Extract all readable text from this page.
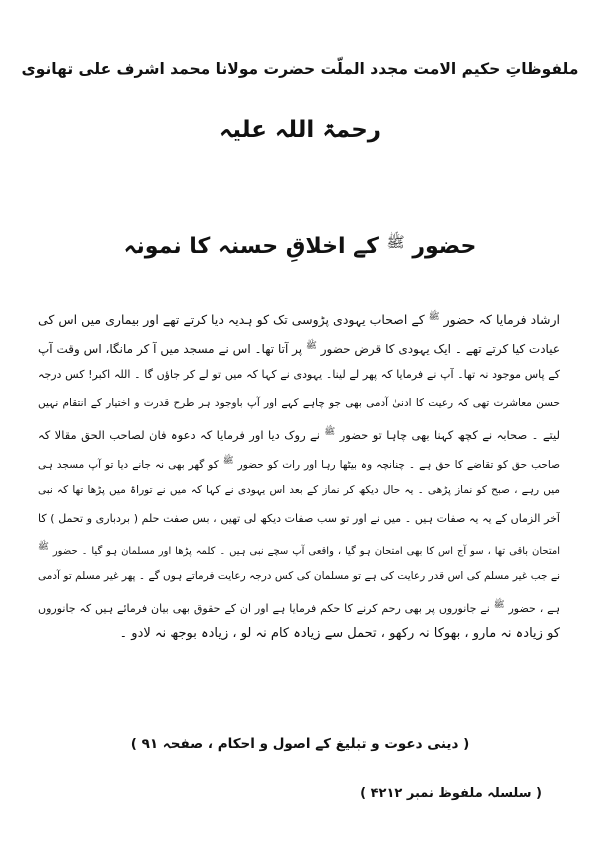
ملفوظاتِ حکیم الامت مجدد الملّت حضرت مولانا محمد اشرف علی تھانوی
رحمۃ اللہ علیہ
حضور ﷺ کے اخلاقِ حسنہ کا نمونہ
ارشاد فرمایا کہ حضور $^ﷺ$ کے اصحاب یہودی پڑوسی تک کو ہدیہ دیا کرتے تھے اور بیماری میں اس کی
عیادت کیا کرتے تھے ۔ ایک یہودی کا قرض حضور $^ﷺ$ پر آتا تھا۔ اس نے مسجد میں آ کر مانگا، اس وقت آپ
کے پاس موجود نہ تھا۔ آپ نے فرمایا کہ پھر لے لینا۔ یہودی نے کہا کہ میں تو لے کر جاؤں گا ۔ اللہ اکبر! کس درجہ
حسن معاشرت تھی کہ رعیت کا ادنیٰ آدمی بھی جو چاہے کہے اور آپ باوجود ہر طرح قدرت و اختیار کے انتقام نہیں
لیتے ۔ صحابہ نے کچھ کہنا بھی چاہا تو حضور $^ﷺ$ نے روک دیا اور فرمایا کہ دعوہ فان لصاحب الحق مقالا کہ
صاحب حق کو تقاضے کا حق ہے ۔ چنانچہ وہ بیٹھا رہا اور رات کو حضور ﷺ کو گھر بھی نہ جانے دیا تو آپ مسجد ہی
میں رہے ، صبح کو نماز پڑھی ۔ یہ حال دیکھ کر نماز کے بعد اس یہودی نے کہا کہ میں نے توراۃ میں پڑھا تھا کہ نبی
آخر الزماں کے یہ یہ صفات ہیں ۔ میں نے اور تو سب صفات دیکھ لی تھیں ، بس صفت حلم ( بردباری و تحمل ) کا
امتحان باقی تھا ، سو آج اس کا بھی امتحان ہو گیا ، واقعی آپ سچے نبی ہیں ۔ کلمہ پڑھا اور مسلمان ہو گیا ۔ حضور ﷺ
نے جب غیر مسلم کی اس قدر رعایت کی ہے تو مسلمان کی کس درجہ رعایت فرماتے ہوں گے ۔ پھر غیر مسلم تو آدمی
ہے ، حضور $^ﷺ$ نے جانوروں پر بھی رحم کرنے کا حکم فرمایا ہے اور ان کے حقوق بھی بیان فرمائے ہیں کہ جانوروں
کو زیادہ نہ مارو ، بھوکا نہ رکھو ، تحمل سے زیادہ کام نہ لو ، زیادہ بوجھ نہ لادو ۔
( دینی دعوت و تبلیغ کے اصول و احکام ، صفحہ ۹۱ )
( سلسلہ ملفوظ نمبر ۴۲۱۲ )
